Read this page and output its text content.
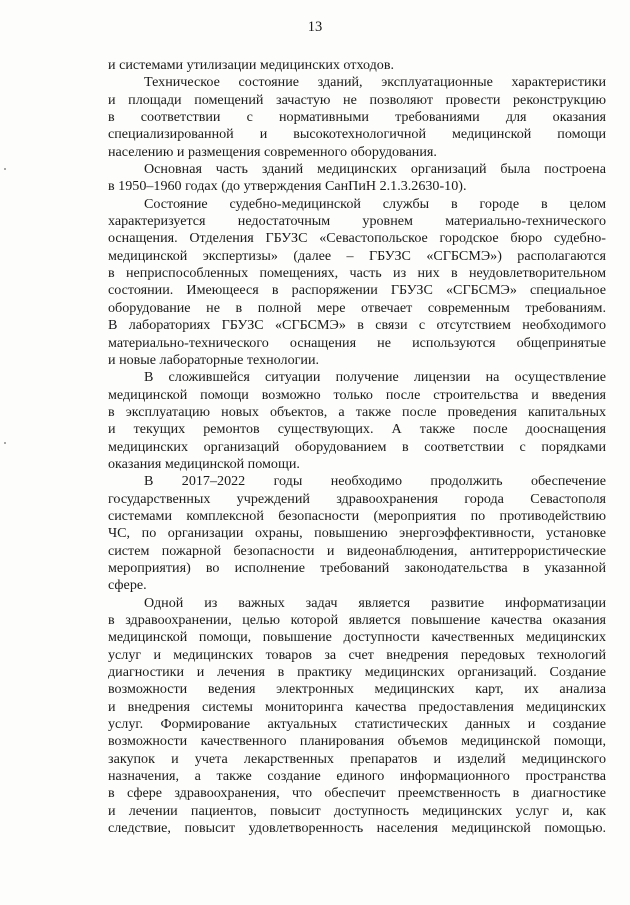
13
и системами утилизации медицинских отходов.
Техническое состояние зданий, эксплуатационные характеристики
и площади помещений зачастую не позволяют провести реконструкцию
в соответствии с нормативными требованиями для оказания
специализированной и высокотехнологичной медицинской помощи
населению и размещения современного оборудования.
Основная часть зданий медицинских организаций была построена
в 1950–1960 годах (до утверждения СанПиН 2.1.3.2630-10).
Состояние судебно-медицинской службы в городе в целом
характеризуется недостаточным уровнем материально-технического
оснащения. Отделения ГБУЗС «Севастопольское городское бюро судебно-
медицинской экспертизы» (далее – ГБУЗС «СГБСМЭ») располагаются
в неприспособленных помещениях, часть из них в неудовлетворительном
состоянии. Имеющееся в распоряжении ГБУЗС «СГБСМЭ» специальное
оборудование не в полной мере отвечает современным требованиям.
В лабораториях ГБУЗС «СГБСМЭ» в связи с отсутствием необходимого
материально-технического оснащения не используются общепринятые
и новые лабораторные технологии.
В сложившейся ситуации получение лицензии на осуществление
медицинской помощи возможно только после строительства и введения
в эксплуатацию новых объектов, а также после проведения капитальных
и текущих ремонтов существующих. А также после дооснащения
медицинских организаций оборудованием в соответствии с порядками
оказания медицинской помощи.
В 2017–2022 годы необходимо продолжить обеспечение
государственных учреждений здравоохранения города Севастополя
системами комплексной безопасности (мероприятия по противодействию
ЧС, по организации охраны, повышению энергоэффективности, установке
систем пожарной безопасности и видеонаблюдения, антитеррористические
мероприятия) во исполнение требований законодательства в указанной
сфере.
Одной из важных задач является развитие информатизации
в здравоохранении, целью которой является повышение качества оказания
медицинской помощи, повышение доступности качественных медицинских
услуг и медицинских товаров за счет внедрения передовых технологий
диагностики и лечения в практику медицинских организаций. Создание
возможности ведения электронных медицинских карт, их анализа
и внедрения системы мониторинга качества предоставления медицинских
услуг. Формирование актуальных статистических данных и создание
возможности качественного планирования объемов медицинской помощи,
закупок и учета лекарственных препаратов и изделий медицинского
назначения, а также создание единого информационного пространства
в сфере здравоохранения, что обеспечит преемственность в диагностике
и лечении пациентов, повысит доступность медицинских услуг и, как
следствие, повысит удовлетворенность населения медицинской помощью.
